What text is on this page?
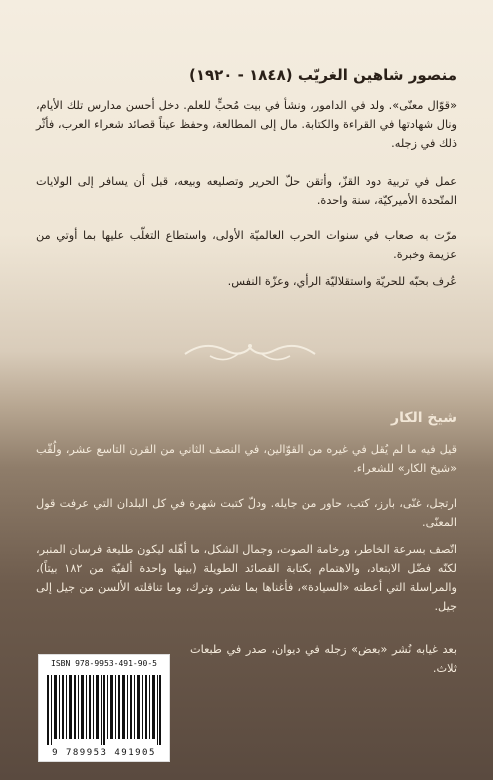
منصور شاهين الغريّب (١٨٤٨ - ١٩٢٠)

«قوّال معنّى». ولد في الدامور، ونشأ في بيت مُحبٍّ للعلم. دخل أحسن مدارس تلك الأيام، ونال شهادتها في القراءة والكتابة. مال إلى المطالعة، وحفظ عيناً قصائد شعراء العرب، فأثّر ذلك في زجله.

عمل في تربية دود القزّ، وأتقن حلّ الحرير وتصليعه وبيعه، قبل أن يسافر إلى الولايات المتّحدة الأميركيّة، سنة واحدة.

مرّت به صعاب في سنوات الحرب العالميّة الأولى، واستطاع التغلّب عليها بما أوتي من عزيمة وخبرة.

عُرف بحبّه للحريّة واستقلاليّة الرأي، وعزّة النفس.

شيخ الكار

قيل فيه ما لم يُقل في غيره من القوّالين، في النصف الثاني من القرن التاسع عشر، ولُقّب «شيخ الكار» للشعراء.

ارتجل، غنّى، بارز، كتب، حاور من جايله. ودلّ كتبت شهرة في كل البلدان التي عرفت قول المعنّى.

اتّصف بسرعة الخاطر، ورخامة الصوت، وجمال الشكل، ما أهّله ليكون طليعة فرسان المنبر، لكنّه فضّل الابتعاد، والاهتمام بكتابة القصائد الطويلة (بينها واحدة ألفيّة من ١٨٢ بيتاً)، والمراسلة التي أعطته «السيادة»، فأغناها بما نشر، وترك، وما تناقلته الألسن من جيل إلى جيل.

بعد غيابه نُشر «بعض» زجله في ديوان، صدر في طبعات ثلاث.

ISBN 978-9953-491-90-5
9 789953 491905
